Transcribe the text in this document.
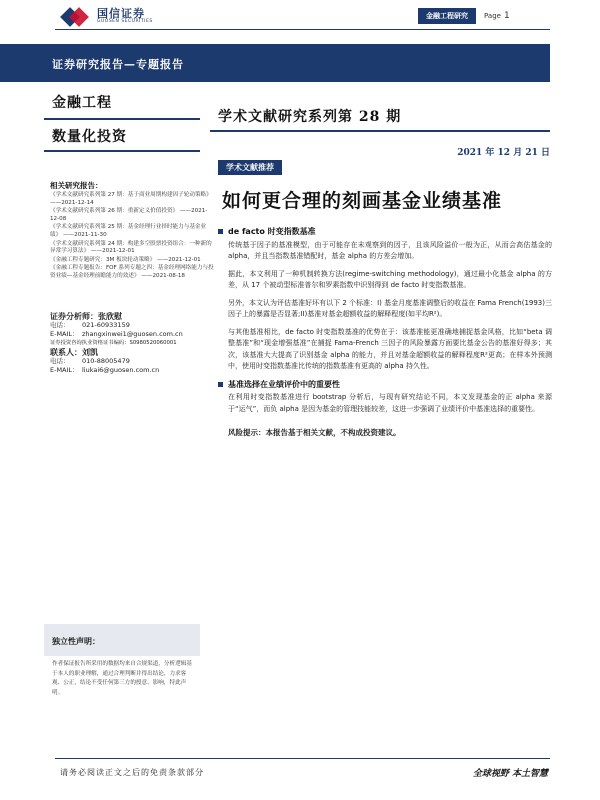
国信证券
GUOSEN SECURITIES
金融工程研究	Page 1
证券研究报告—专题报告
金融工程
数量化投资
学术文献研究系列第 28 期
2021 年 12 月 21 日
学术文献推荐
如何更合理的刻画基金业绩基准
de facto 时变指数基准

传统基于因子的基准模型，由于可能存在未观察到的因子，且该风险溢价一般为正，从而会高估基金的 alpha，并且当指数基准错配时，基金 alpha 的方差会增加。

据此，本文利用了一种机制转换方法(regime-switching methodology)，通过最小化基金 alpha 的方差，从 17 个被动型标准普尔和罗素指数中识别得到 de facto 时变指数基准。

另外，本文认为评估基准好坏有以下 2 个标准：I) 基金月度基准调整后的收益在 Fama French(1993)三因子上的暴露是否显著;II)基准对基金超额收益的解释程度(如平均R²)。

与其他基准相比，de facto 时变指数基准的优势在于：该基准能更准确地捕捉基金风格，比如“beta 调整基准”和“现金增强基准”在捕捉 Fama-French 三因子的风险暴露方面要比基金公告的基准好得多；其次，该基准大大提高了识别基金 alpha 的能力，并且对基金超额收益的解释程度R²更高；在样本外预测中，使用时变指数基准比传统的指数基准有更高的 alpha 持久性。

基准选择在业绩评价中的重要性

在利用时变指数基准进行 bootstrap 分析后，与现有研究结论不同，本文发现基金的正 alpha 来源于“运气”，而负 alpha 是因为基金的管理技能较差，这进一步强调了业绩评价中基准选择的重要性。

风险提示：本报告基于相关文献，不构成投资建议。

相关研究报告：

《学术文献研究系列第 27 期：基于商业周期构建因子轮动策略》 ——2021-12-14

《学术文献研究系列第 26 期：重新定义价值投资》 ——2021-12-08

《学术文献研究系列第 25 期：基金经理行业择时能力与基金业绩》 ——2021-11-30

《学术文献研究系列第 24 期：构建多空股票投资组合：一种新的异常学习算法》 ——2021-12-01

《金融工程专题研究：3M 板块轮动策略》 ——2021-12-01

《金融工程专题报告：FOF 系列专题之四：基金经理网络能力与投资业绩—基金经理前瞻能力的效述》 ——2021-08-18

证券分析师：张欣慰
电话：	021-60933159
E-MAIL： zhangxinwei1@guosen.com.cn
证券投资咨询执业资格证书编码：S0980520060001
联系人：刘凯
电话：	010-88005479
E-MAIL： liukai6@guosen.com.cn
独立性声明：
作者保证报告所采用的数据均来自合规渠道，分析逻辑基于本人的职业理解，通过合理判断并得出结论，力求客观、公正，结论不受任何第三方的授意、影响，特此声明。
请务必阅读正文之后的免责条款部分	全球视野 本土智慧
